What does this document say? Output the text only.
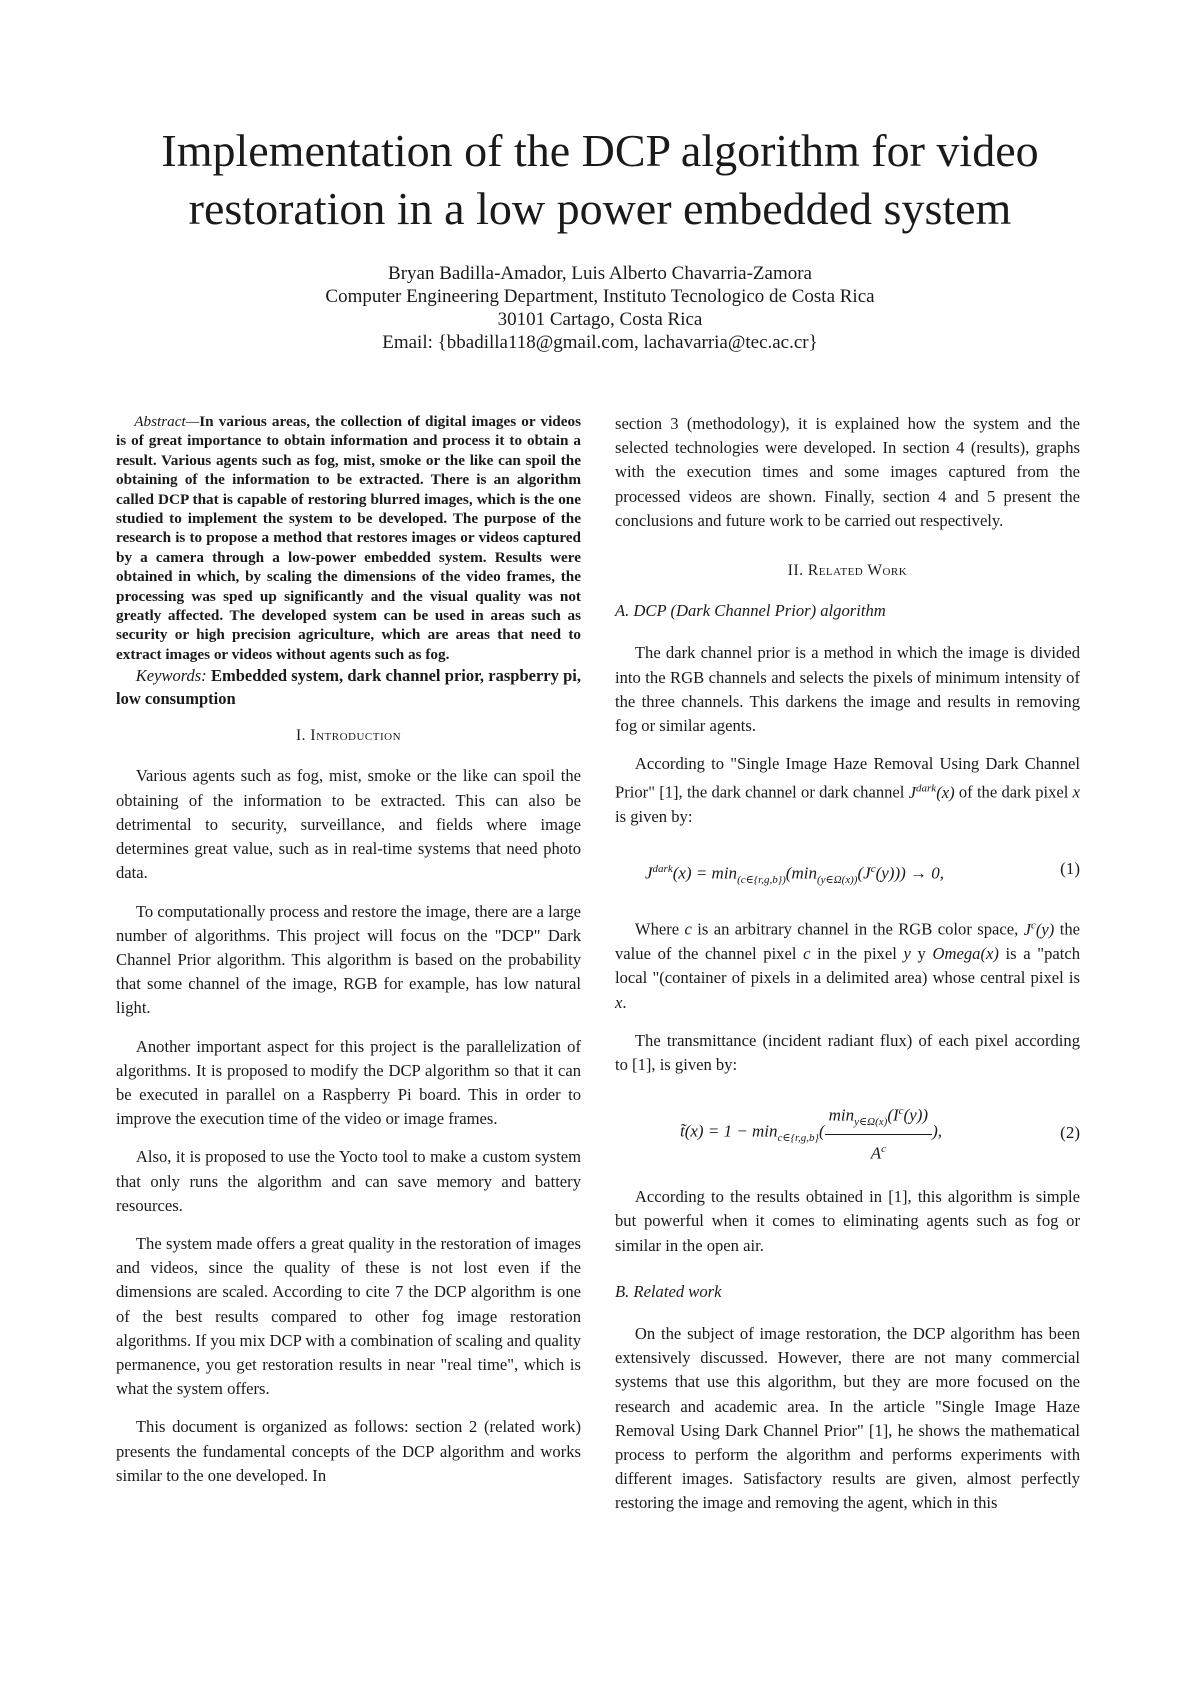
Implementation of the DCP algorithm for video restoration in a low power embedded system
Bryan Badilla-Amador, Luis Alberto Chavarria-Zamora
Computer Engineering Department, Instituto Tecnologico de Costa Rica
30101 Cartago, Costa Rica
Email: {bbadilla118@gmail.com, lachavarria@tec.ac.cr}

Abstract—In various areas, the collection of digital images or videos is of great importance to obtain information and process it to obtain a result. Various agents such as fog, mist, smoke or the like can spoil the obtaining of the information to be extracted. There is an algorithm called DCP that is capable of restoring blurred images, which is the one studied to implement the system to be developed. The purpose of the research is to propose a method that restores images or videos captured by a camera through a low-power embedded system. Results were obtained in which, by scaling the dimensions of the video frames, the processing was sped up significantly and the visual quality was not greatly affected. The developed system can be used in areas such as security or high precision agriculture, which are areas that need to extract images or videos without agents such as fog.

Keywords: Embedded system, dark channel prior, raspberry pi, low consumption

I. Introduction

Various agents such as fog, mist, smoke or the like can spoil the obtaining of the information to be extracted. This can also be detrimental to security, surveillance, and fields where image determines great value, such as in real-time systems that need photo data.

To computationally process and restore the image, there are a large number of algorithms. This project will focus on the "DCP" Dark Channel Prior algorithm. This algorithm is based on the probability that some channel of the image, RGB for example, has low natural light.

Another important aspect for this project is the parallelization of algorithms. It is proposed to modify the DCP algorithm so that it can be executed in parallel on a Raspberry Pi board. This in order to improve the execution time of the video or image frames.

Also, it is proposed to use the Yocto tool to make a custom system that only runs the algorithm and can save memory and battery resources.

The system made offers a great quality in the restoration of images and videos, since the quality of these is not lost even if the dimensions are scaled. According to cite 7 the DCP algorithm is one of the best results compared to other fog image restoration algorithms. If you mix DCP with a combination of scaling and quality permanence, you get restoration results in near "real time", which is what the system offers.

This document is organized as follows: section 2 (related work) presents the fundamental concepts of the DCP algorithm and works similar to the one developed. In

section 3 (methodology), it is explained how the system and the selected technologies were developed. In section 4 (results), graphs with the execution times and some images captured from the processed videos are shown. Finally, section 4 and 5 present the conclusions and future work to be carried out respectively.

II. Related Work
A. DCP (Dark Channel Prior) algorithm

The dark channel prior is a method in which the image is divided into the RGB channels and selects the pixels of minimum intensity of the three channels. This darkens the image and results in removing fog or similar agents.

According to "Single Image Haze Removal Using Dark Channel Prior" [1], the dark channel or dark channel $J^{dark}(x)$ of the dark pixel x is given by:

$J^{dark}(x) = \min_{(c\in\{r,g,b\})}(\min_{(y\in\Omega(x))}(J^c(y))) \to 0$,	(1)

Where c is an arbitrary channel in the RGB color space, $J^c(y)$ the value of the channel pixel c in the pixel y y Omega(x) is a "patch local "(container of pixels in a delimited area) whose central pixel is x.

The transmittance (incident radiant flux) of each pixel according to [1], is given by:

t̃(x) = $1 - \min_{c\in\{r,g,b\}}( \frac{\min_{y\in\Omega(x)}(I^c(y))}{A^c}$ ),	(2)

According to the results obtained in [1], this algorithm is simple but powerful when it comes to eliminating agents such as fog or similar in the open air.

B. Related work

On the subject of image restoration, the DCP algorithm has been extensively discussed. However, there are not many commercial systems that use this algorithm, but they are more focused on the research and academic area. In the article "Single Image Haze Removal Using Dark Channel Prior" [1], he shows the mathematical process to perform the algorithm and performs experiments with different images. Satisfactory results are given, almost perfectly restoring the image and removing the agent, which in this
